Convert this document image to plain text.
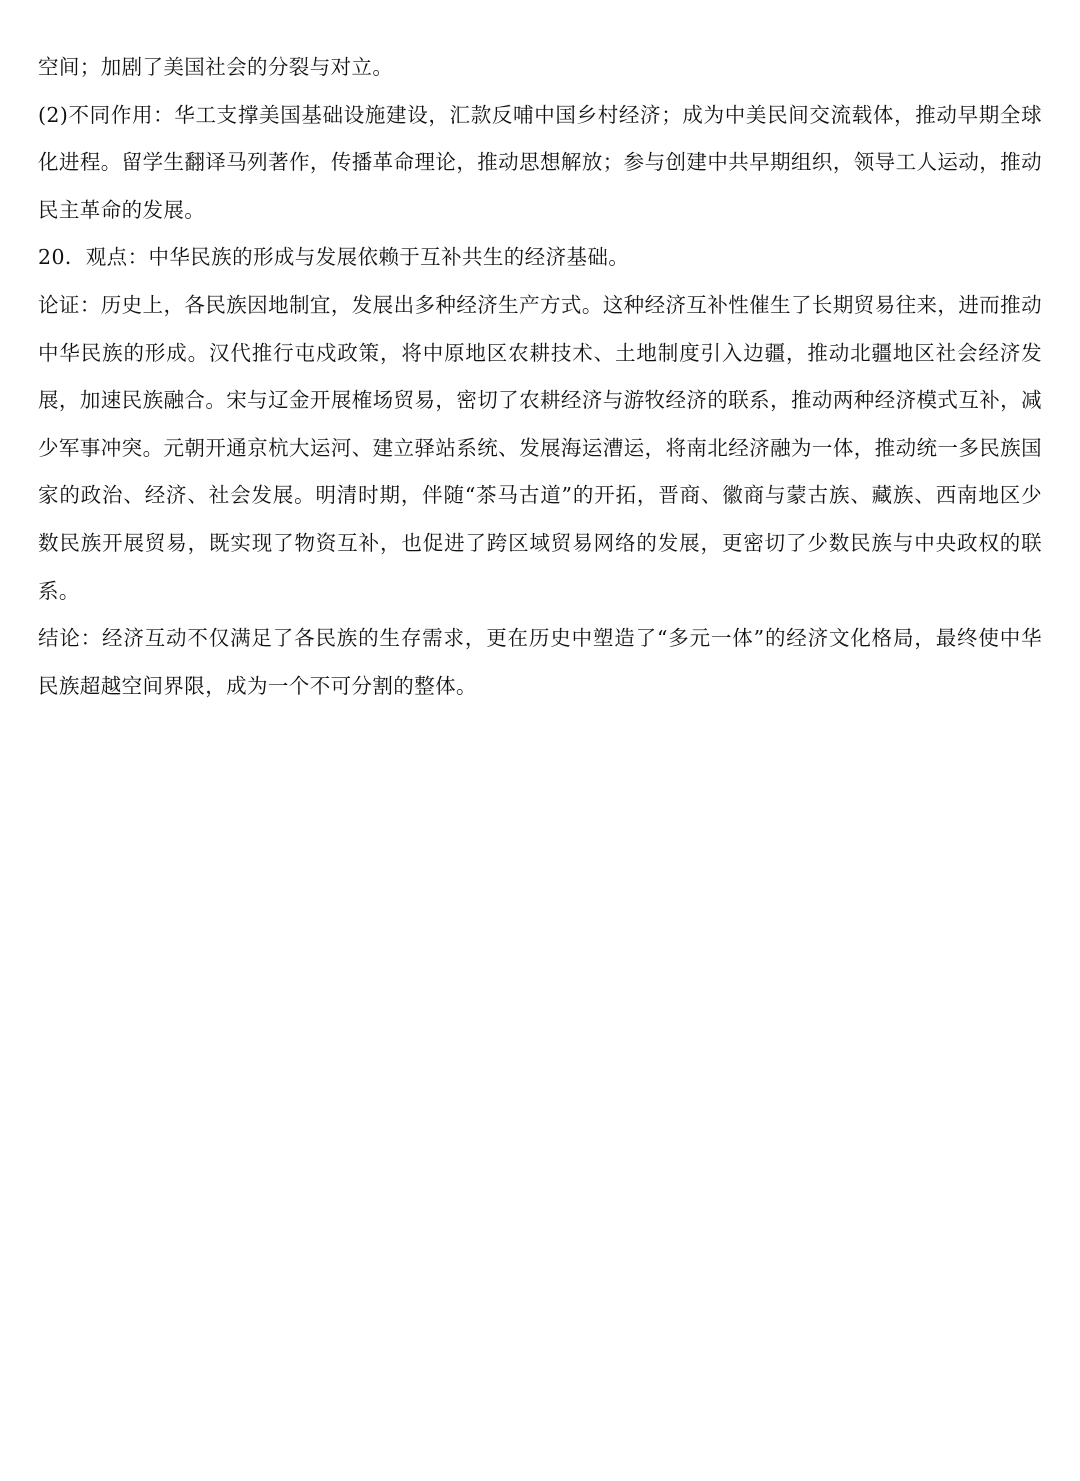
空间；加剧了美国社会的分裂与对立。

(2)不同作用：华工支撑美国基础设施建设，汇款反哺中国乡村经济；成为中美民间交流载体，推动早期全球化进程。留学生翻译马列著作，传播革命理论，推动思想解放；参与创建中共早期组织，领导工人运动，推动民主革命的发展。

20．观点：中华民族的形成与发展依赖于互补共生的经济基础。

论证：历史上，各民族因地制宜，发展出多种经济生产方式。这种经济互补性催生了长期贸易往来，进而推动中华民族的形成。汉代推行屯戍政策，将中原地区农耕技术、土地制度引入边疆，推动北疆地区社会经济发展，加速民族融合。宋与辽金开展榷场贸易，密切了农耕经济与游牧经济的联系，推动两种经济模式互补，减少军事冲突。元朝开通京杭大运河、建立驿站系统、发展海运漕运，将南北经济融为一体，推动统一多民族国家的政治、经济、社会发展。明清时期，伴随“茶马古道”的开拓，晋商、徽商与蒙古族、藏族、西南地区少数民族开展贸易，既实现了物资互补，也促进了跨区域贸易网络的发展，更密切了少数民族与中央政权的联系。

结论：经济互动不仅满足了各民族的生存需求，更在历史中塑造了“多元一体”的经济文化格局，最终使中华民族超越空间界限，成为一个不可分割的整体。
